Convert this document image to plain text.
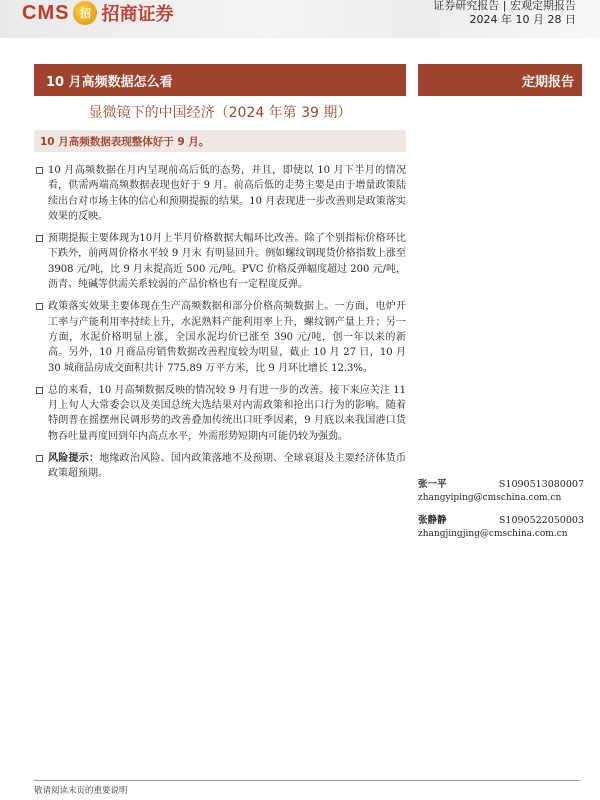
CMS 招 招商证券	证券研究报告 | 宏观定期报告
2024 年 10 月 28 日
10 月高频数据怎么看	定期报告
显微镜下的中国经济（2024 年第 39 期）
10 月高频数据表现整体好于 9 月。
10 月高频数据在月内呈现前高后低的态势，并且，即使以 10 月下半月的情况看，供需两端高频数据表现也好于 9 月。前高后低的走势主要是由于增量政策陆续出台对市场主体的信心和预期提振的结果。10 月表现进一步改善则是政策落实效果的反映。
预期提振主要体现为10月上半月价格数据大幅环比改善。除了个别指标价格环比下跌外，前两周价格水平较 9 月末 有明显回升。例如螺纹钢现货价格指数上涨至 3908 元/吨，比 9 月末提高近 500 元/吨。PVC 价格反弹幅度超过 200 元/吨，沥青、纯碱等供需关系较弱的产品价格也有一定程度反弹。
政策落实效果主要体现在生产高频数据和部分价格高频数据上。一方面，电炉开工率与产能利用率持续上升，水泥熟料产能利用率上升，螺纹钢产量上升；另一方面，水泥价格明显上涨，全国水泥均价已涨至 390 元/吨，创一年以来的新高。另外，10 月商品房销售数据改善程度较为明显，截止 10 月 27 日，10 月 30 城商品房成交面积共计 775.89 万平方米，比 9 月环比增长 12.3%。
总的来看，10 月高频数据反映的情况较 9 月有进一步的改善。接下来应关注 11 月上旬人大常委会以及美国总统大选结果对内需政策和抢出口行为的影响。随着特朗普在摇摆州民调形势的改善叠加传统出口旺季因素，9 月底以来我国港口货物吞吐量再度回到年内高点水平，外需形势短期内可能仍较为强劲。
风险提示：地缘政治风险、国内政策落地不及预期、全球衰退及主要经济体货币政策超预期。
张一平	S1090513080007
zhangyiping@cmschina.com.cn
张静静	S1090522050003
zhangjingjing@cmschina.com.cn
敬请阅读末页的重要说明
